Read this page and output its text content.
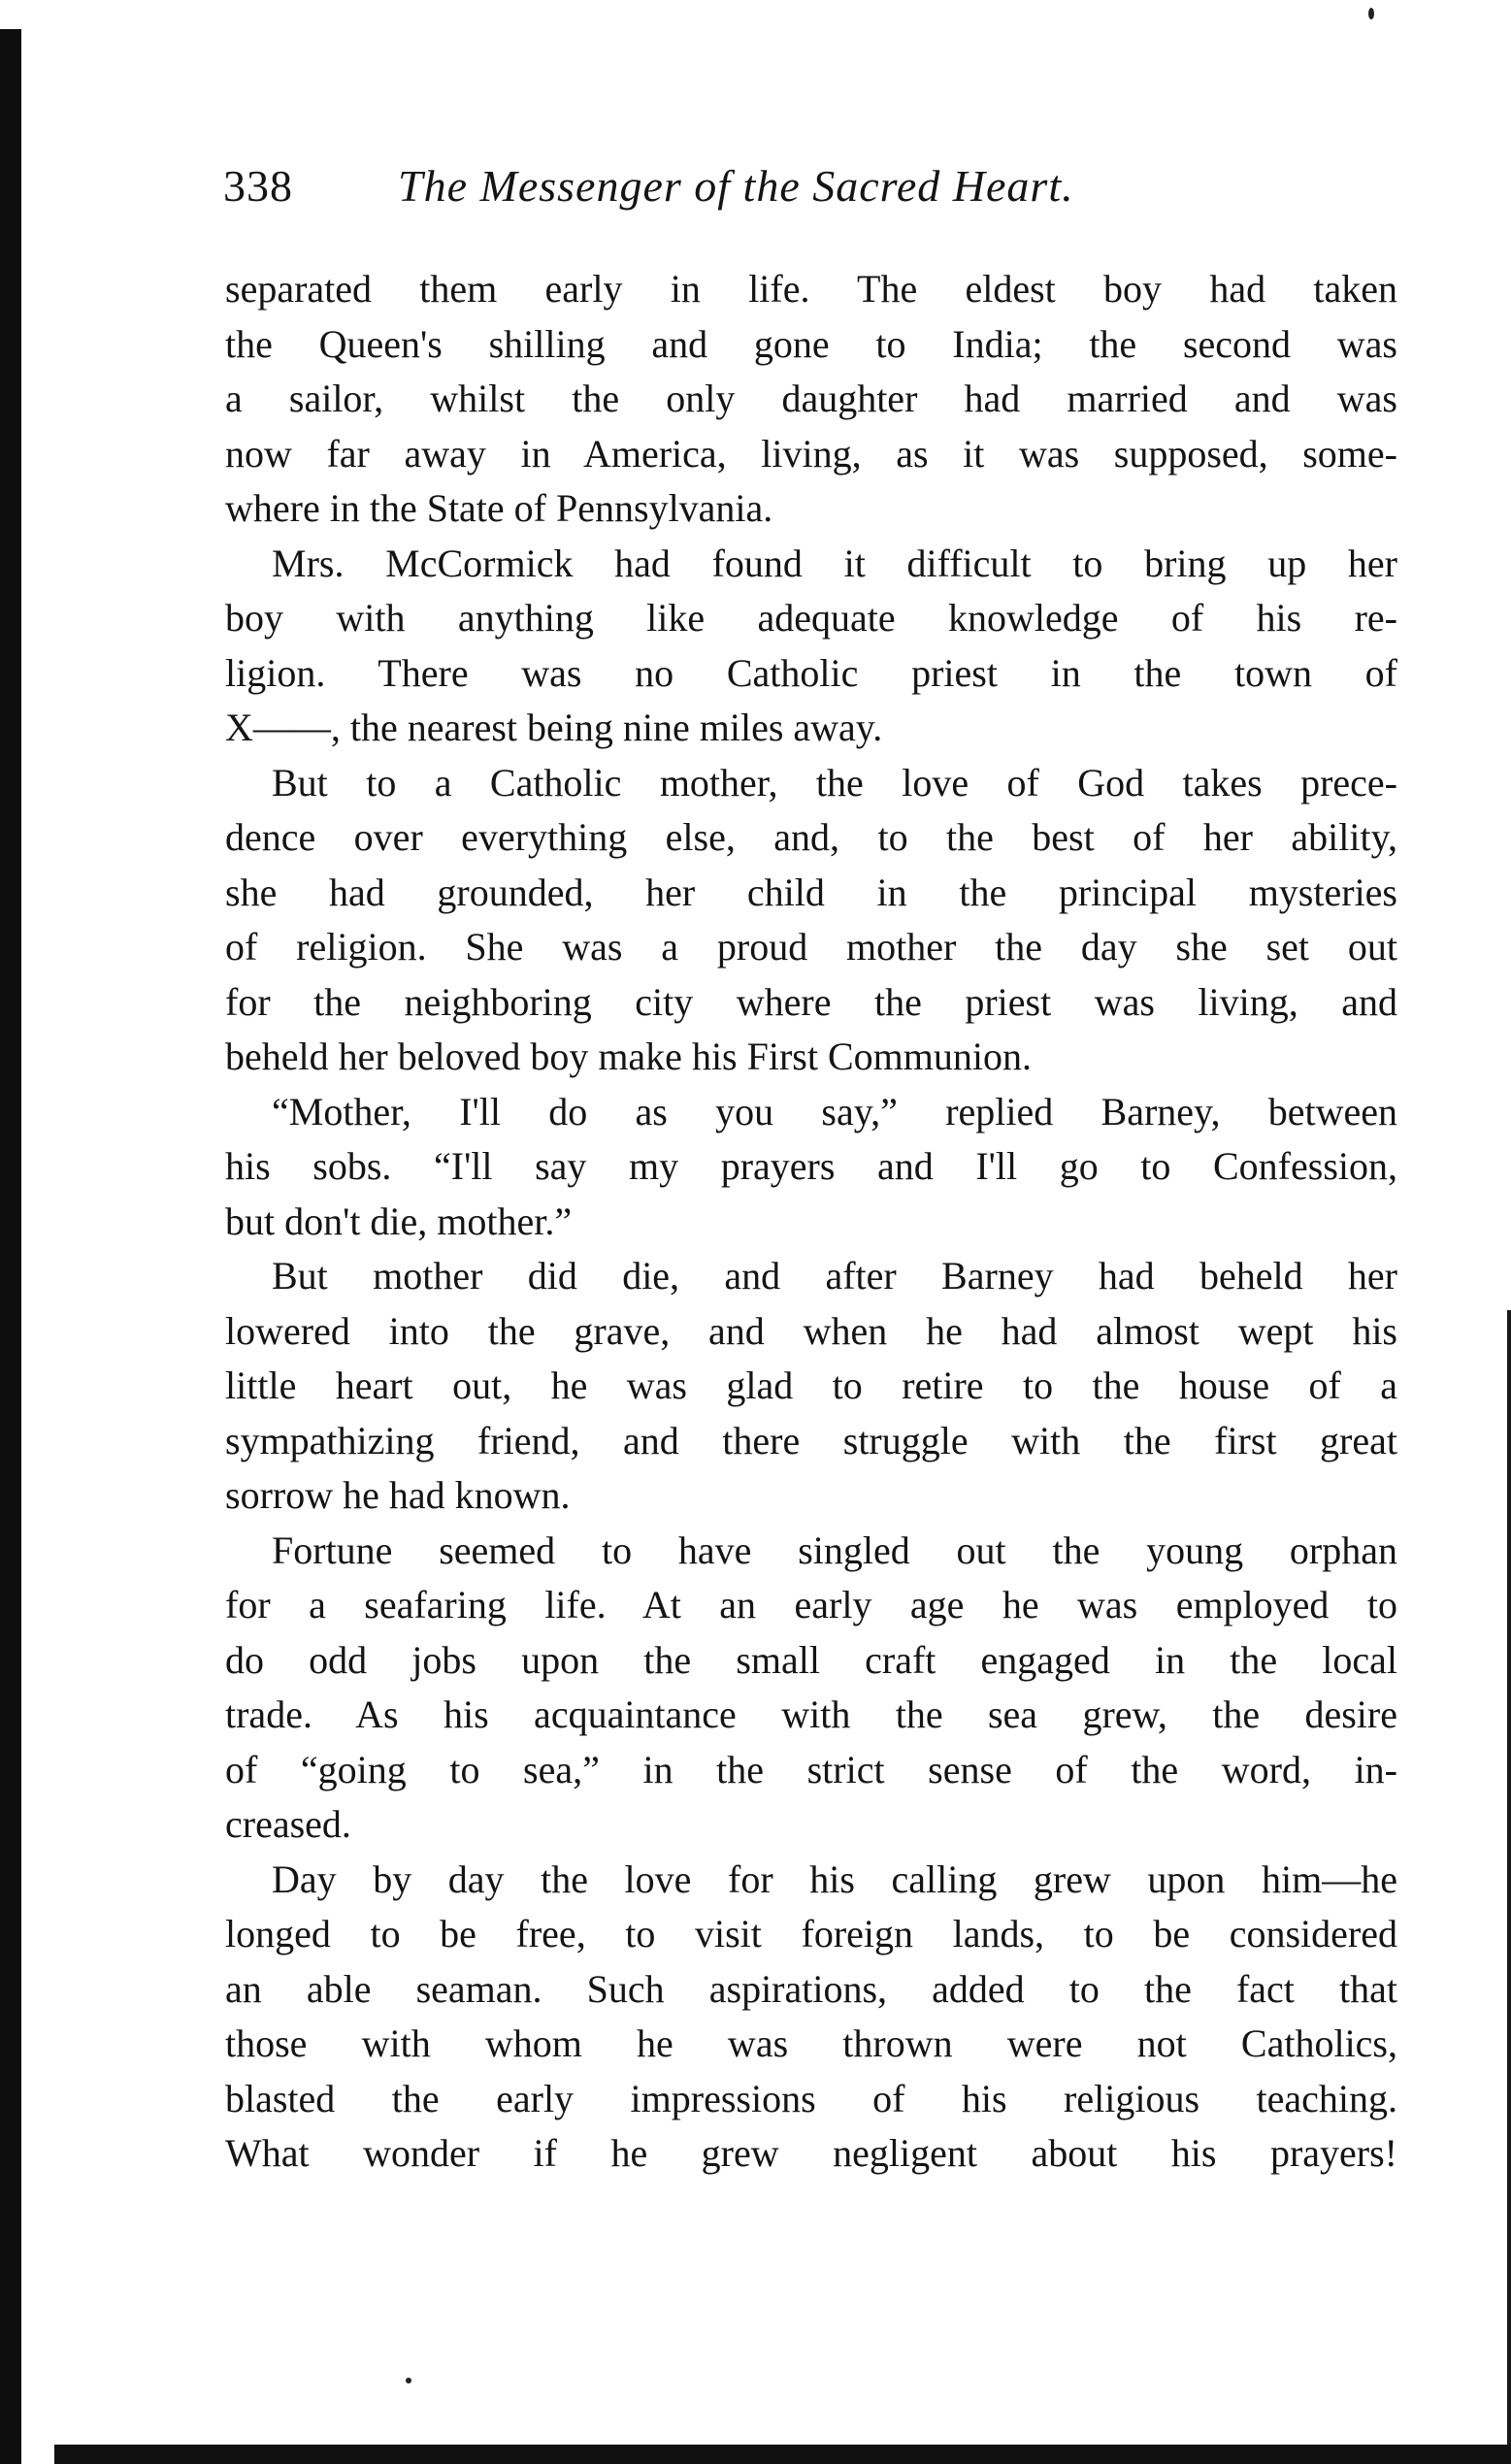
338 The Messenger of the Sacred Heart.
separated them early in life. The eldest boy had taken
the Queen's shilling and gone to India; the second was
a sailor, whilst the only daughter had married and was
now far away in America, living, as it was supposed, some-
where in the State of Pennsylvania.
Mrs. McCormick had found it difficult to bring up her
boy with anything like adequate knowledge of his re-
ligion. There was no Catholic priest in the town of
X——, the nearest being nine miles away.
But to a Catholic mother, the love of God takes prece-
dence over everything else, and, to the best of her ability,
she had grounded, her child in the principal mysteries
of religion. She was a proud mother the day she set out
for the neighboring city where the priest was living, and
beheld her beloved boy make his First Communion.
“Mother, I'll do as you say,” replied Barney, between
his sobs. “I'll say my prayers and I'll go to Confession,
but don't die, mother.”
But mother did die, and after Barney had beheld her
lowered into the grave, and when he had almost wept his
little heart out, he was glad to retire to the house of a
sympathizing friend, and there struggle with the first great
sorrow he had known.
Fortune seemed to have singled out the young orphan
for a seafaring life. At an early age he was employed to
do odd jobs upon the small craft engaged in the local
trade. As his acquaintance with the sea grew, the desire
of “going to sea,” in the strict sense of the word, in-
creased.
Day by day the love for his calling grew upon him—he
longed to be free, to visit foreign lands, to be considered
an able seaman. Such aspirations, added to the fact that
those with whom he was thrown were not Catholics,
blasted the early impressions of his religious teaching.
What wonder if he grew negligent about his prayers!
